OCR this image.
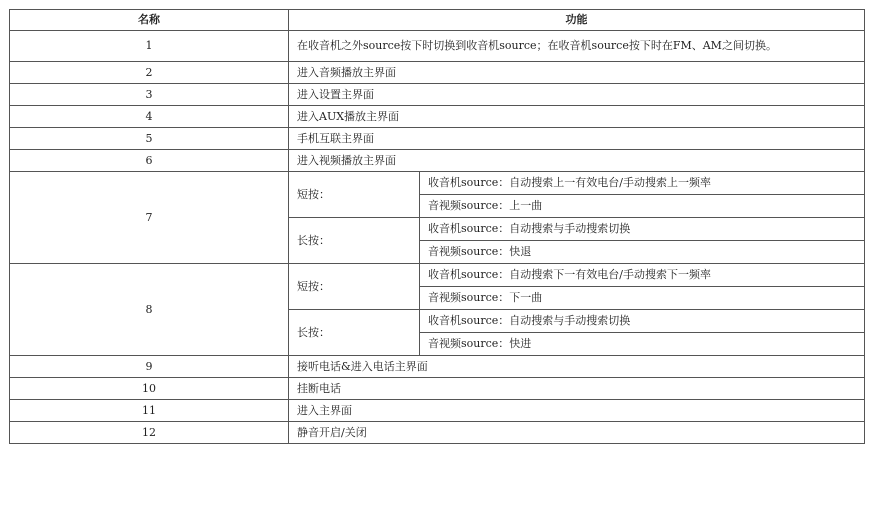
名称	功能	
1	在收音机之外source按下时切换到收音机source；在收音机source按下时在FM、AM之间切换。	
2	进入音频播放主界面	
3	进入设置主界面	
4	进入AUX播放主界面	
5	手机互联主界面	
6	进入视频播放主界面	
7	短按：	收音机source：自动搜索上一有效电台/手动搜索上一频率
		音视频source：上一曲
	长按：	收音机source：自动搜索与手动搜索切换
		音视频source：快退
8	短按：	收音机source：自动搜索下一有效电台/手动搜索下一频率
		音视频source：下一曲
	长按：	收音机source：自动搜索与手动搜索切换
		音视频source：快进
9	接听电话&进入电话主界面	
10	挂断电话	
11	进入主界面	
12	静音开启/关闭	
